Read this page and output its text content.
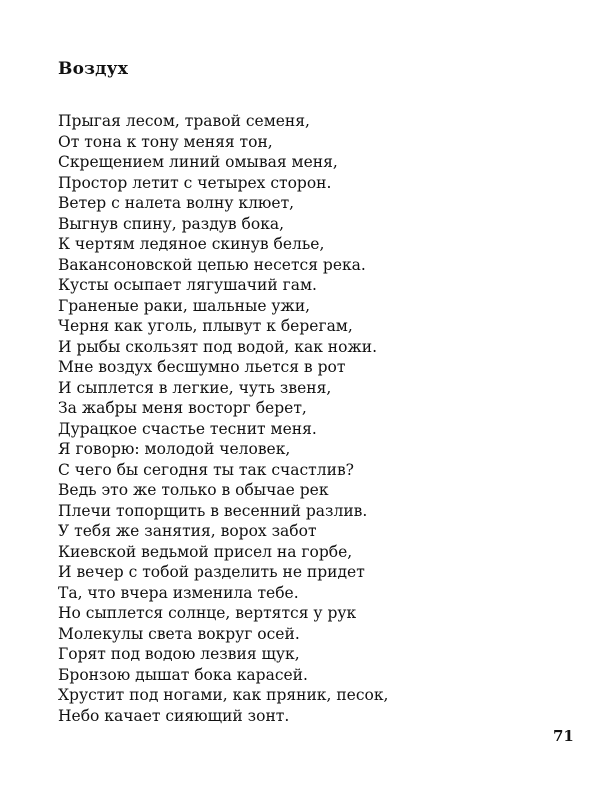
Воздух
Прыгая лесом, травой семеня,
От тона к тону меняя тон,
Скрещением линий омывая меня,
Простор летит с четырех сторон.
Ветер с налета волну клюет,
Выгнув спину, раздув бока,
К чертям ледяное скинув белье,
Вакансоновской цепью несется река.
Кусты осыпает лягушачий гам.
Граненые раки, шальные ужи,
Черня как уголь, плывут к берегам,
И рыбы скользят под водой, как ножи.
Мне воздух бесшумно льется в рот
И сыплется в легкие, чуть звеня,
За жабры меня восторг берет,
Дурацкое счастье теснит меня.
Я говорю: молодой человек,
С чего бы сегодня ты так счастлив?
Ведь это же только в обычае рек
Плечи топорщить в весенний разлив.
У тебя же занятия, ворох забот
Киевской ведьмой присел на горбе,
И вечер с тобой разделить не придет
Та, что вчера изменила тебе.
Но сыплется солнце, вертятся у рук
Молекулы света вокруг осей.
Горят под водою лезвия щук,
Бронзою дышат бока карасей.
Хрустит под ногами, как пряник, песок,
Небо качает сияющий зонт.
71
